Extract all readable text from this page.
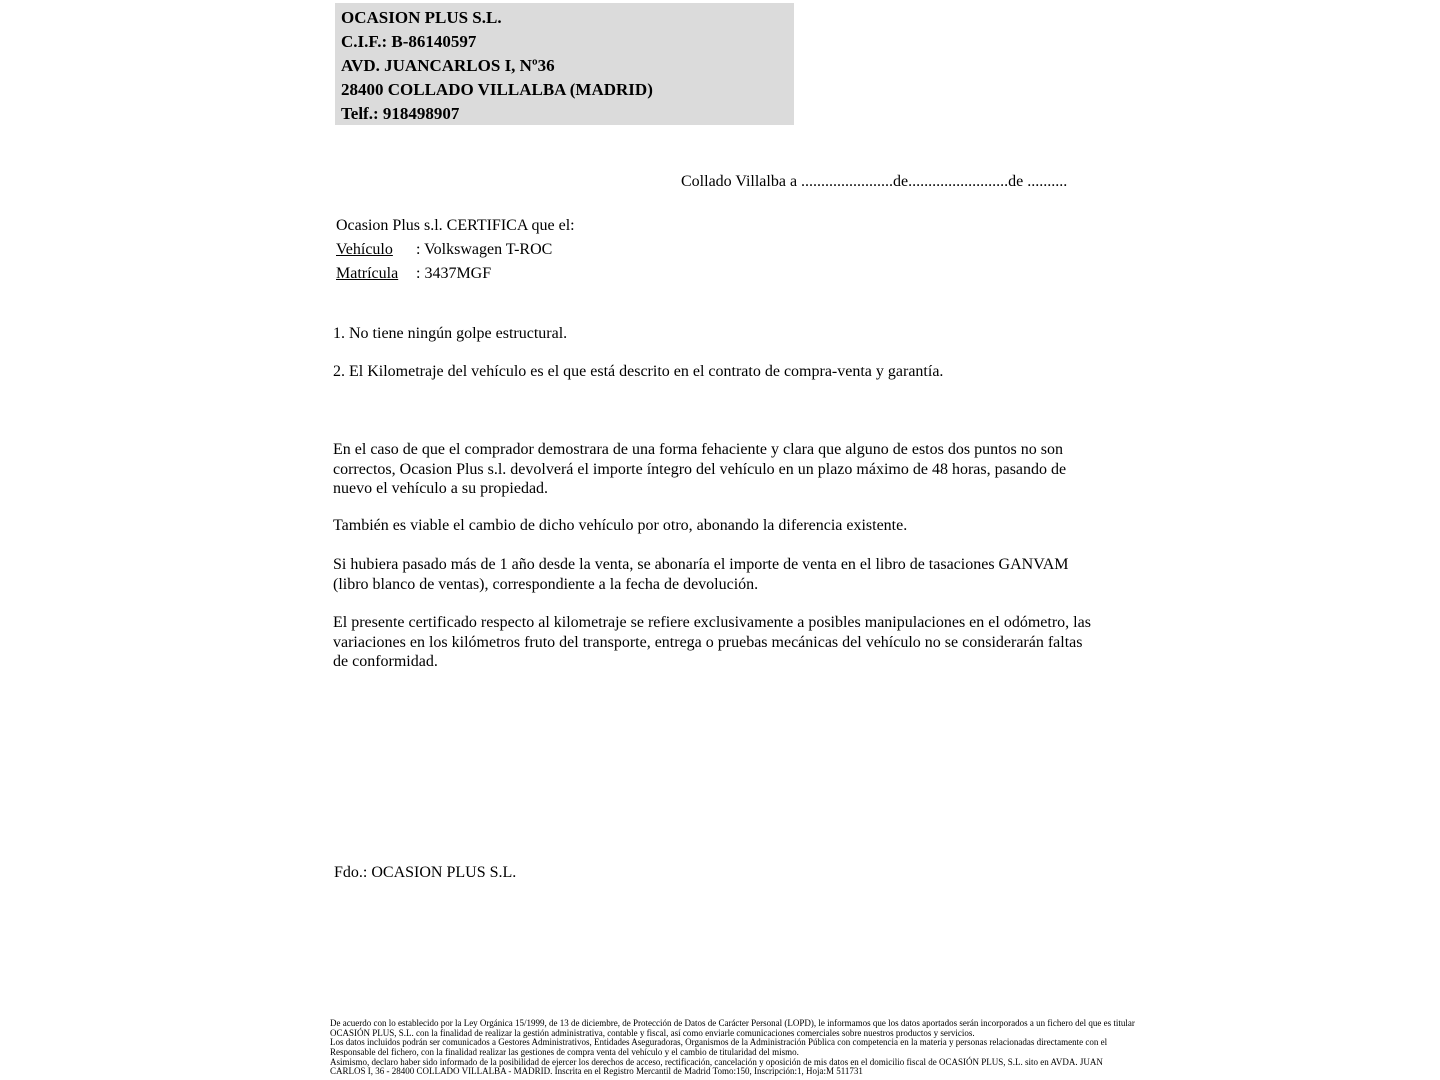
OCASION PLUS S.L.
C.I.F.: B-86140597
AVD. JUANCARLOS I, Nº36
28400 COLLADO VILLALBA (MADRID)
Telf.: 918498907
Collado Villalba a .......................de.........................de ..........
Ocasion Plus s.l. CERTIFICA que el:
Vehículo : Volkswagen T-ROC
Matrícula : 3437MGF
1. No tiene ningún golpe estructural.
2. El Kilometraje del vehículo es el que está descrito en el contrato de compra-venta y garantía.
En el caso de que el comprador demostrara de una forma fehaciente y clara que alguno de estos dos puntos no son correctos, Ocasion Plus s.l. devolverá el importe íntegro del vehículo en un plazo máximo de 48 horas, pasando de nuevo el vehículo a su propiedad.
También es viable el cambio de dicho vehículo por otro, abonando la diferencia existente.
Si hubiera pasado más de 1 año desde la venta, se abonaría el importe de venta en el libro de tasaciones GANVAM (libro blanco de ventas), correspondiente a la fecha de devolución.
El presente certificado respecto al kilometraje se refiere exclusivamente a posibles manipulaciones en el odómetro, las variaciones en los kilómetros fruto del transporte, entrega o pruebas mecánicas del vehículo no se considerarán faltas de conformidad.
Fdo.: OCASION PLUS S.L.
De acuerdo con lo establecido por la Ley Orgánica 15/1999, de 13 de diciembre, de Protección de Datos de Carácter Personal (LOPD), le informamos que los datos aportados serán incorporados a un fichero del que es titular
OCASIÓN PLUS, S.L. con la finalidad de realizar la gestión administrativa, contable y fiscal, así como enviarle comunicaciones comerciales sobre nuestros productos y servicios.
Los datos incluidos podrán ser comunicados a Gestores Administrativos, Entidades Aseguradoras, Organismos de la Administración Pública con competencia en la materia y personas relacionadas directamente con el
Responsable del fichero, con la finalidad realizar las gestiones de compra venta del vehículo y el cambio de titularidad del mismo.
Asimismo, declaro haber sido informado de la posibilidad de ejercer los derechos de acceso, rectificación, cancelación y oposición de mis datos en el domicilio fiscal de OCASIÓN PLUS, S.L. sito en AVDA. JUAN
CARLOS I, 36 - 28400 COLLADO VILLALBA - MADRID. Inscrita en el Registro Mercantil de Madrid Tomo:150, Inscripción:1, Hoja:M 511731
